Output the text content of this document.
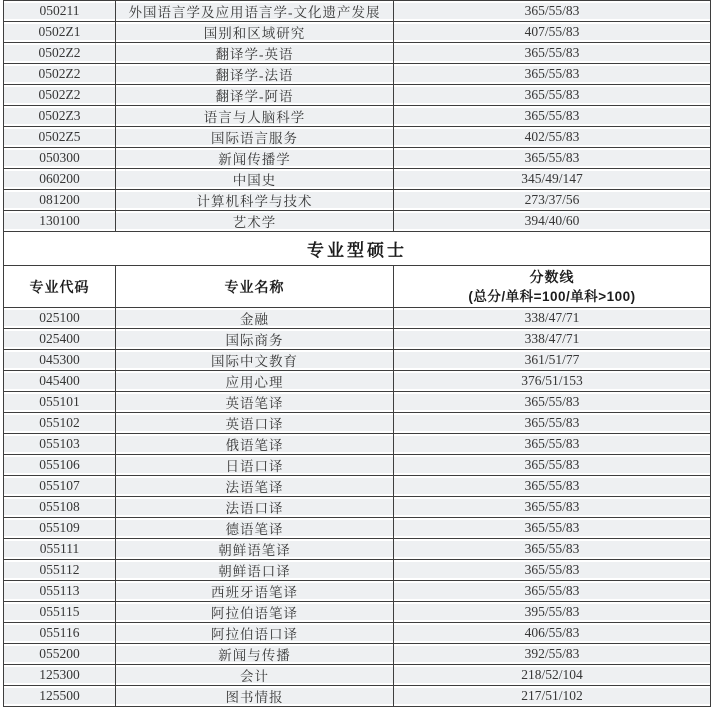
050211	外国语言学及应用语言学-文化遗产发展	365/55/83
0502Z1	国别和区域研究	407/55/83
0502Z2	翻译学-英语	365/55/83
0502Z2	翻译学-法语	365/55/83
0502Z2	翻译学-阿语	365/55/83
0502Z3	语言与人脑科学	365/55/83
0502Z5	国际语言服务	402/55/83
050300	新闻传播学	365/55/83
060200	中国史	345/49/147
081200	计算机科学与技术	273/37/56
130100	艺术学	394/40/60
专业型硕士		
专业代码	专业名称	分数线
(总分/单科=100/单科>100)

025100	金融	338/47/71
025400	国际商务	338/47/71
045300	国际中文教育	361/51/77
045400	应用心理	376/51/153
055101	英语笔译	365/55/83
055102	英语口译	365/55/83
055103	俄语笔译	365/55/83
055106	日语口译	365/55/83
055107	法语笔译	365/55/83
055108	法语口译	365/55/83
055109	德语笔译	365/55/83
055111	朝鲜语笔译	365/55/83
055112	朝鲜语口译	365/55/83
055113	西班牙语笔译	365/55/83
055115	阿拉伯语笔译	395/55/83
055116	阿拉伯语口译	406/55/83
055200	新闻与传播	392/55/83
125300	会计	218/52/104
125500	图书情报	217/51/102
